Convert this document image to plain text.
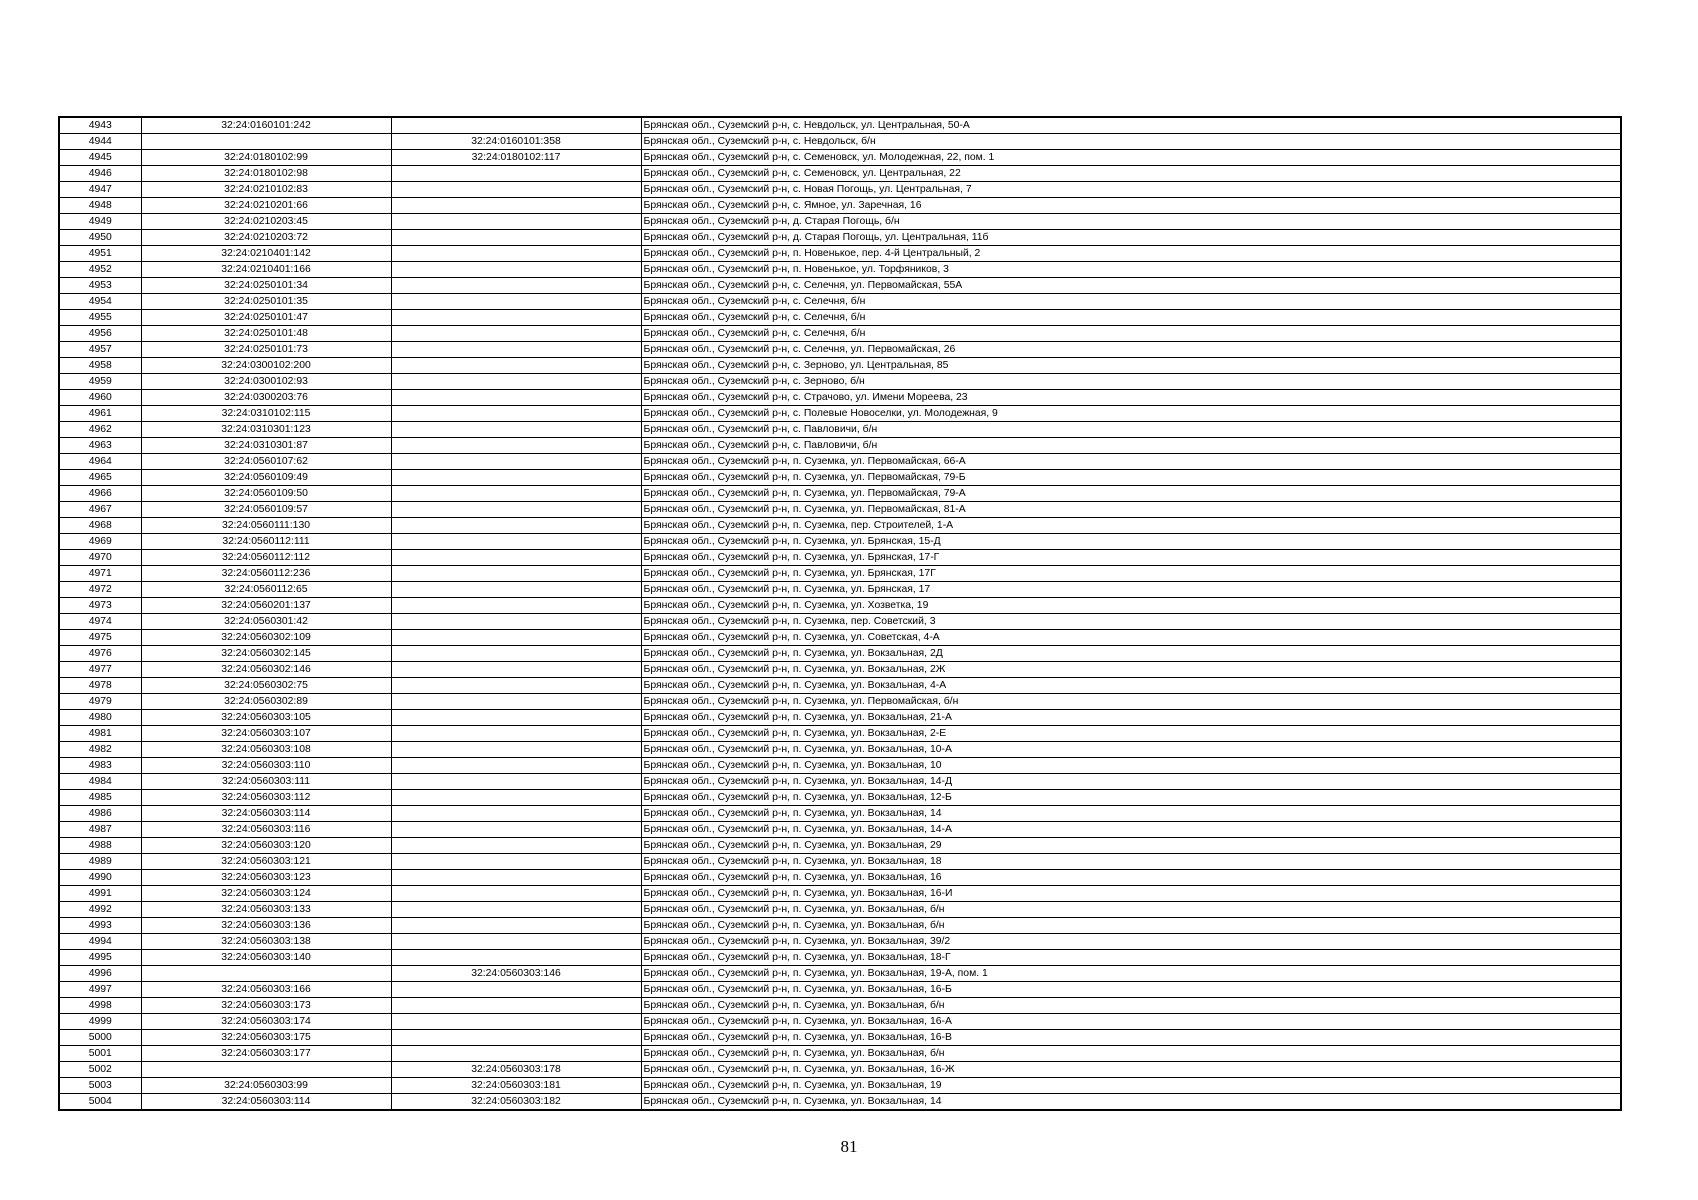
4943	32:24:0160101:242		Брянская обл., Суземский р-н, с. Невдольск, ул. Центральная, 50-А
4944		32:24:0160101:358	Брянская обл., Суземский р-н, с. Невдольск, б/н
4945	32:24:0180102:99	32:24:0180102:117	Брянская обл., Суземский р-н, с. Семеновск, ул. Молодежная, 22, пом. 1
4946	32:24:0180102:98		Брянская обл., Суземский р-н, с. Семеновск, ул. Центральная, 22
4947	32:24:0210102:83		Брянская обл., Суземский р-н, с. Новая Погощь, ул. Центральная, 7
4948	32:24:0210201:66		Брянская обл., Суземский р-н, с. Ямное, ул. Заречная, 16
4949	32:24:0210203:45		Брянская обл., Суземский р-н, д. Старая Погощь, б/н
4950	32:24:0210203:72		Брянская обл., Суземский р-н, д. Старая Погощь, ул. Центральная, 11б
4951	32:24:0210401:142		Брянская обл., Суземский р-н, п. Новенькое, пер. 4-й Центральный, 2
4952	32:24:0210401:166		Брянская обл., Суземский р-н, п. Новенькое, ул. Торфяников, 3
4953	32:24:0250101:34		Брянская обл., Суземский р-н, с. Селечня, ул. Первомайская, 55А
4954	32:24:0250101:35		Брянская обл., Суземский р-н, с. Селечня, б/н
4955	32:24:0250101:47		Брянская обл., Суземский р-н, с. Селечня, б/н
4956	32:24:0250101:48		Брянская обл., Суземский р-н, с. Селечня, б/н
4957	32:24:0250101:73		Брянская обл., Суземский р-н, с. Селечня, ул. Первомайская, 26
4958	32:24:0300102:200		Брянская обл., Суземский р-н, с. Зерново, ул. Центральная, 85
4959	32:24:0300102:93		Брянская обл., Суземский р-н, с. Зерново, б/н
4960	32:24:0300203:76		Брянская обл., Суземский р-н, с. Страчово, ул. Имени Мореева, 23
4961	32:24:0310102:115		Брянская обл., Суземский р-н, с. Полевые Новоселки, ул. Молодежная, 9
4962	32:24:0310301:123		Брянская обл., Суземский р-н, с. Павловичи, б/н
4963	32:24:0310301:87		Брянская обл., Суземский р-н, с. Павловичи, б/н
4964	32:24:0560107:62		Брянская обл., Суземский р-н, п. Суземка, ул. Первомайская, 66-А
4965	32:24:0560109:49		Брянская обл., Суземский р-н, п. Суземка, ул. Первомайская, 79-Б
4966	32:24:0560109:50		Брянская обл., Суземский р-н, п. Суземка, ул. Первомайская, 79-А
4967	32:24:0560109:57		Брянская обл., Суземский р-н, п. Суземка, ул. Первомайская, 81-А
4968	32:24:0560111:130		Брянская обл., Суземский р-н, п. Суземка, пер. Строителей, 1-А
4969	32:24:0560112:111		Брянская обл., Суземский р-н, п. Суземка, ул. Брянская, 15-Д
4970	32:24:0560112:112		Брянская обл., Суземский р-н, п. Суземка, ул. Брянская, 17-Г
4971	32:24:0560112:236		Брянская обл., Суземский р-н, п. Суземка, ул. Брянская, 17Г
4972	32:24:0560112:65		Брянская обл., Суземский р-н, п. Суземка, ул. Брянская, 17
4973	32:24:0560201:137		Брянская обл., Суземский р-н, п. Суземка, ул. Хозветка, 19
4974	32:24:0560301:42		Брянская обл., Суземский р-н, п. Суземка, пер. Советский, 3
4975	32:24:0560302:109		Брянская обл., Суземский р-н, п. Суземка, ул. Советская, 4-А
4976	32:24:0560302:145		Брянская обл., Суземский р-н, п. Суземка, ул. Вокзальная, 2Д
4977	32:24:0560302:146		Брянская обл., Суземский р-н, п. Суземка, ул. Вокзальная, 2Ж
4978	32:24:0560302:75		Брянская обл., Суземский р-н, п. Суземка, ул. Вокзальная, 4-А
4979	32:24:0560302:89		Брянская обл., Суземский р-н, п. Суземка, ул. Первомайская, б/н
4980	32:24:0560303:105		Брянская обл., Суземский р-н, п. Суземка, ул. Вокзальная, 21-А
4981	32:24:0560303:107		Брянская обл., Суземский р-н, п. Суземка, ул. Вокзальная, 2-Е
4982	32:24:0560303:108		Брянская обл., Суземский р-н, п. Суземка, ул. Вокзальная, 10-А
4983	32:24:0560303:110		Брянская обл., Суземский р-н, п. Суземка, ул. Вокзальная, 10
4984	32:24:0560303:111		Брянская обл., Суземский р-н, п. Суземка, ул. Вокзальная, 14-Д
4985	32:24:0560303:112		Брянская обл., Суземский р-н, п. Суземка, ул. Вокзальная, 12-Б
4986	32:24:0560303:114		Брянская обл., Суземский р-н, п. Суземка, ул. Вокзальная, 14
4987	32:24:0560303:116		Брянская обл., Суземский р-н, п. Суземка, ул. Вокзальная, 14-А
4988	32:24:0560303:120		Брянская обл., Суземский р-н, п. Суземка, ул. Вокзальная, 29
4989	32:24:0560303:121		Брянская обл., Суземский р-н, п. Суземка, ул. Вокзальная, 18
4990	32:24:0560303:123		Брянская обл., Суземский р-н, п. Суземка, ул. Вокзальная, 16
4991	32:24:0560303:124		Брянская обл., Суземский р-н, п. Суземка, ул. Вокзальная, 16-И
4992	32:24:0560303:133		Брянская обл., Суземский р-н, п. Суземка, ул. Вокзальная, б/н
4993	32:24:0560303:136		Брянская обл., Суземский р-н, п. Суземка, ул. Вокзальная, б/н
4994	32:24:0560303:138		Брянская обл., Суземский р-н, п. Суземка, ул. Вокзальная, 39/2
4995	32:24:0560303:140		Брянская обл., Суземский р-н, п. Суземка, ул. Вокзальная, 18-Г
4996		32:24:0560303:146	Брянская обл., Суземский р-н, п. Суземка, ул. Вокзальная, 19-А, пом. 1
4997	32:24:0560303:166		Брянская обл., Суземский р-н, п. Суземка, ул. Вокзальная, 16-Б
4998	32:24:0560303:173		Брянская обл., Суземский р-н, п. Суземка, ул. Вокзальная, б/н
4999	32:24:0560303:174		Брянская обл., Суземский р-н, п. Суземка, ул. Вокзальная, 16-А
5000	32:24:0560303:175		Брянская обл., Суземский р-н, п. Суземка, ул. Вокзальная, 16-В
5001	32:24:0560303:177		Брянская обл., Суземский р-н, п. Суземка, ул. Вокзальная, б/н
5002		32:24:0560303:178	Брянская обл., Суземский р-н, п. Суземка, ул. Вокзальная, 16-Ж
5003	32:24:0560303:99	32:24:0560303:181	Брянская обл., Суземский р-н, п. Суземка, ул. Вокзальная, 19
5004	32:24:0560303:114	32:24:0560303:182	Брянская обл., Суземский р-н, п. Суземка, ул. Вокзальная, 14
81
